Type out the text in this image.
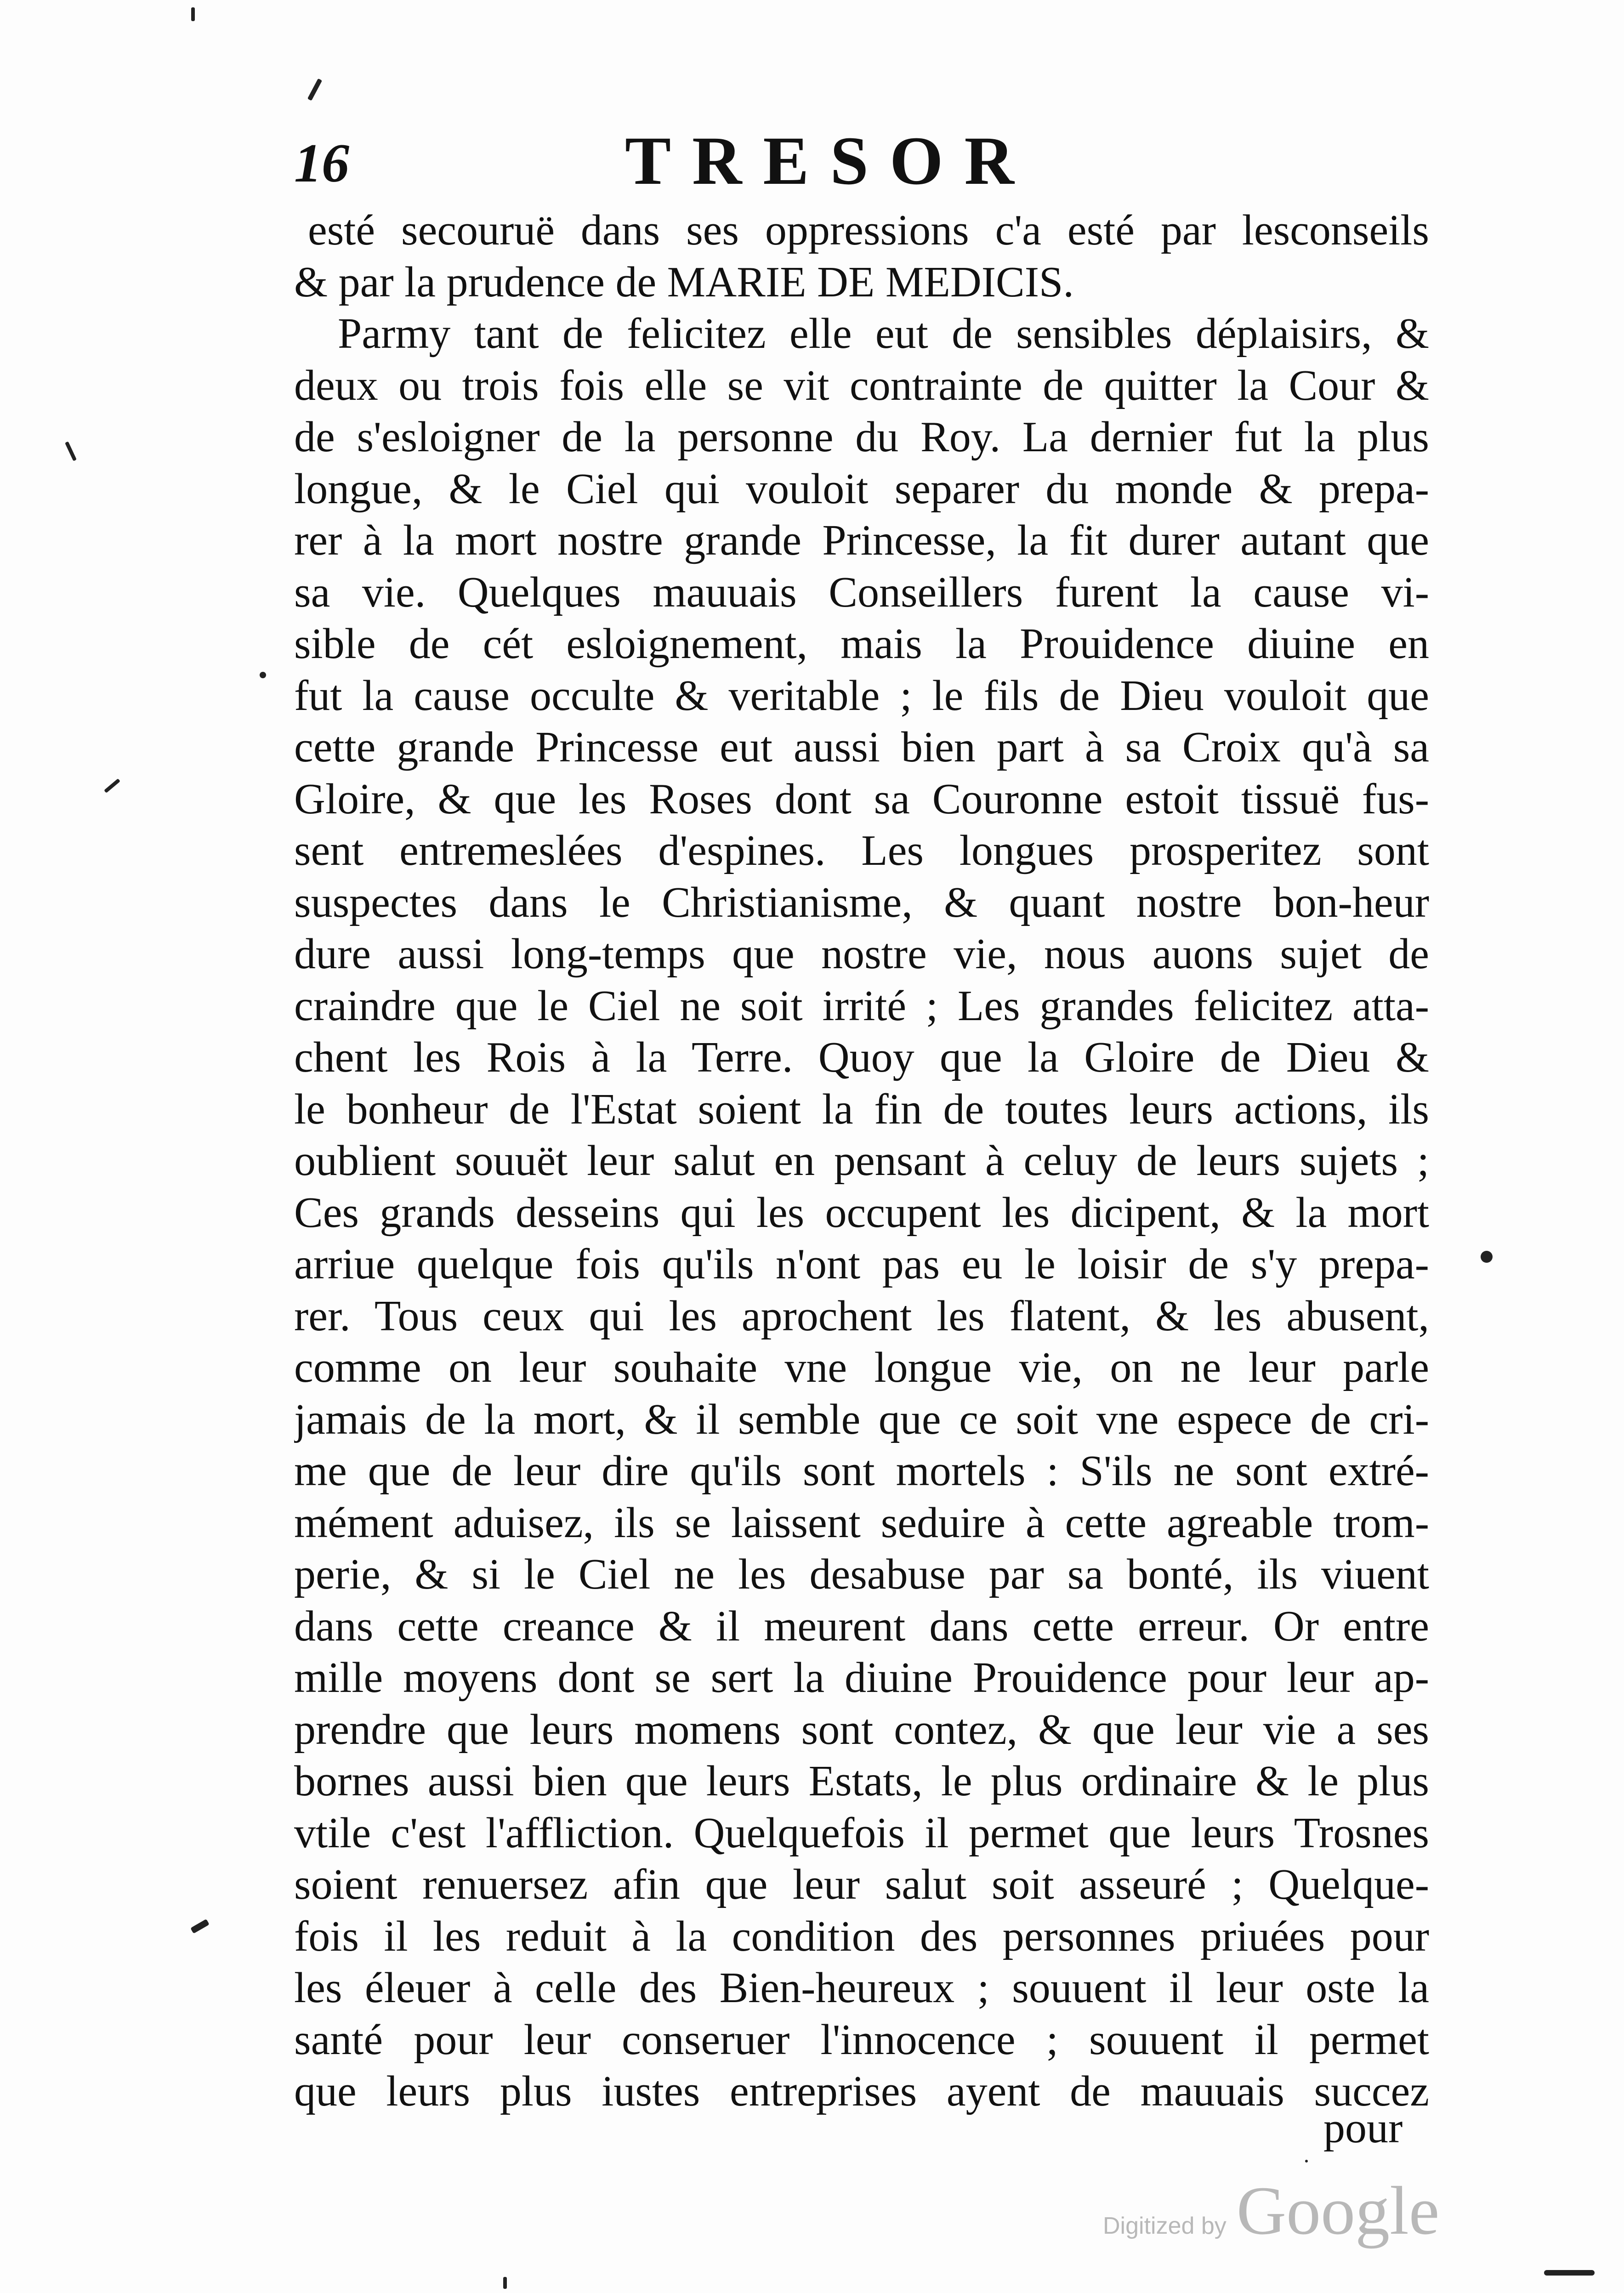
16	TRESOR
esté secouruë dans ses oppressions c'a esté par lesconseils
& par la prudence de MARIE DE MEDICIS.
Parmy tant de felicitez elle eut de sensibles déplaisirs, &
deux ou trois fois elle se vit contrainte de quitter la Cour &
de s'esloigner de la personne du Roy. La dernier fut la plus
longue, & le Ciel qui vouloit separer du monde & prepa-
rer à la mort nostre grande Princesse, la fit durer autant que
sa vie. Quelques mauuais Conseillers furent la cause vi-
sible de cét esloignement, mais la Prouidence diuine en
fut la cause occulte & veritable ; le fils de Dieu vouloit que
cette grande Princesse eut aussi bien part à sa Croix qu'à sa
Gloire, & que les Roses dont sa Couronne estoit tissuë fus-
sent entremeslées d'espines. Les longues prosperitez sont
suspectes dans le Christianisme, & quant nostre bon-heur
dure aussi long-temps que nostre vie, nous auons sujet de
craindre que le Ciel ne soit irrité ; Les grandes felicitez atta-
chent les Rois à la Terre. Quoy que la Gloire de Dieu &
le bonheur de l'Estat soient la fin de toutes leurs actions, ils
oublient souuët leur salut en pensant à celuy de leurs sujets ;
Ces grands desseins qui les occupent les dicipent, & la mort
arriue quelque fois qu'ils n'ont pas eu le loisir de s'y prepa-
rer. Tous ceux qui les aprochent les flatent, & les abusent,
comme on leur souhaite vne longue vie, on ne leur parle
jamais de la mort, & il semble que ce soit vne espece de cri-
me que de leur dire qu'ils sont mortels : S'ils ne sont extré-
mément aduisez, ils se laissent seduire à cette agreable trom-
perie, & si le Ciel ne les desabuse par sa bonté, ils viuent
dans cette creance & il meurent dans cette erreur. Or entre
mille moyens dont se sert la diuine Prouidence pour leur ap-
prendre que leurs momens sont contez, & que leur vie a ses
bornes aussi bien que leurs Estats, le plus ordinaire & le plus
vtile c'est l'affliction. Quelquefois il permet que leurs Trosnes
soient renuersez afin que leur salut soit asseuré ; Quelque-
fois il les reduit à la condition des personnes priuées pour
les éleuer à celle des Bien-heureux ; souuent il leur oste la
santé pour leur conseruer l'innocence ; souuent il permet
que leurs plus iustes entreprises ayent de mauuais succez
pour
Digitized by Google
